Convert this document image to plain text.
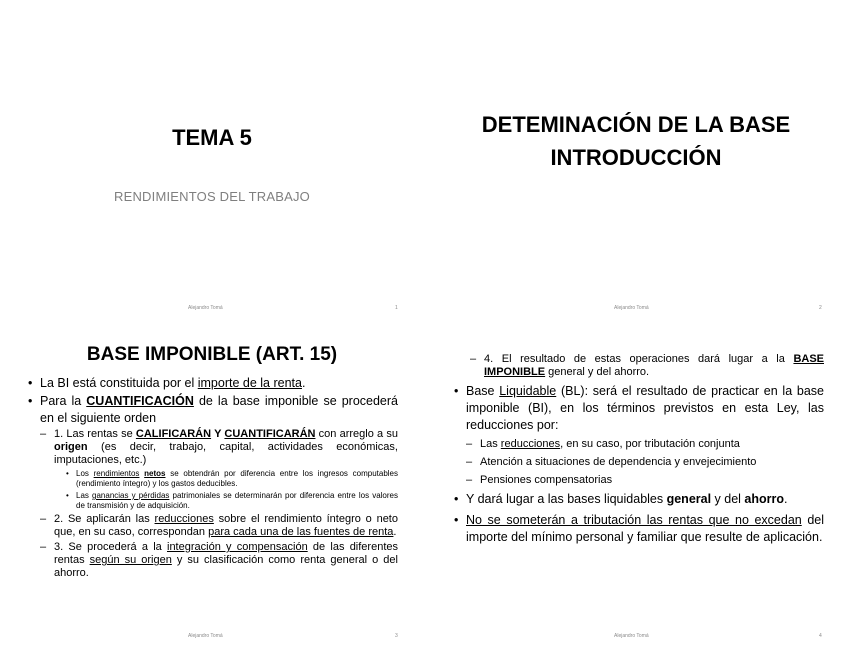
TEMA 5
RENDIMIENTOS DEL TRABAJO
Alejandro Tomá	1
DETEMINACIÓN DE LA BASE
INTRODUCCIÓN
Alejandro Tomá	2
BASE IMPONIBLE (ART. 15)
• La BI está constituida por el importe de la renta.
• Para la CUANTIFICACIÓN de la base imponible se procederá en el siguiente orden
– 1. Las rentas se CALIFICARÁN Y CUANTIFICARÁN con arreglo a su origen (es decir, trabajo, capital, actividades económicas, imputaciones, etc.)
• Los rendimientos netos se obtendrán por diferencia entre los ingresos computables (rendimiento íntegro) y los gastos deducibles.
• Las ganancias y pérdidas patrimoniales se determinarán por diferencia entre los valores de transmisión y de adquisición.
– 2. Se aplicarán las reducciones sobre el rendimiento íntegro o neto que, en su caso, correspondan para cada una de las fuentes de renta.
– 3. Se procederá a la integración y compensación de las diferentes rentas según su origen y su clasificación como renta general o del ahorro.
Alejandro Tomá	3
– 4. El resultado de estas operaciones dará lugar a la BASE IMPONIBLE general y del ahorro.
• Base Liquidable (BL): será el resultado de practicar en la base imponible (BI), en los términos previstos en esta Ley, las reducciones por:
– Las reducciones, en su caso, por tributación conjunta
– Atención a situaciones de dependencia y envejecimiento
– Pensiones compensatorias
• Y dará lugar a las bases liquidables general y del ahorro.
• No se someterán a tributación las rentas que no excedan del importe del mínimo personal y familiar que resulte de aplicación.
Alejandro Tomá	4
